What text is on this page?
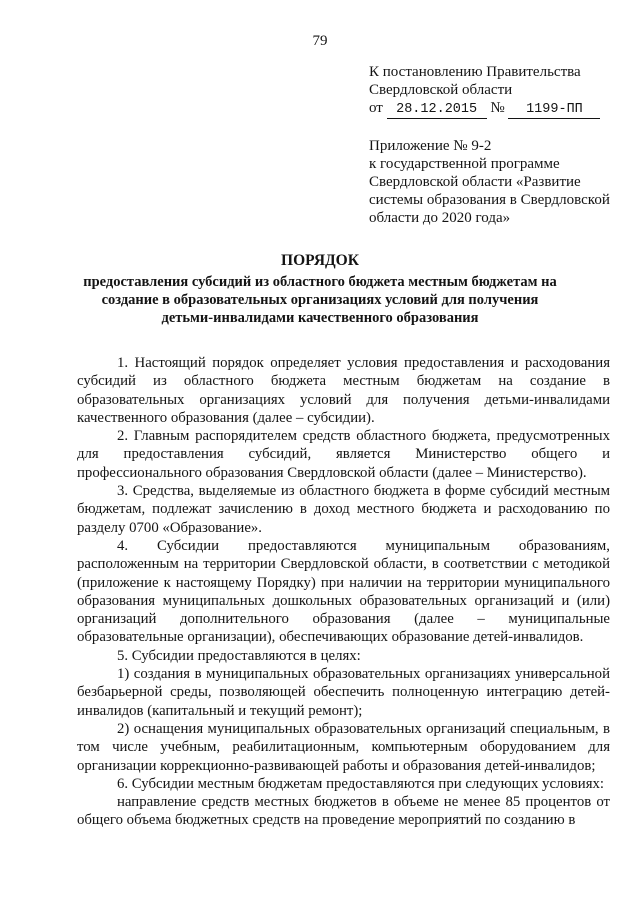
79
К постановлению Правительства
Свердловской области
от 28.12.2015 № 1199-ПП
Приложение № 9-2
к государственной программе
Свердловской области «Развитие
системы образования в Свердловской
области до 2020 года»
ПОРЯДОК
предоставления субсидий из областного бюджета местным бюджетам на создание в образовательных организациях условий для получения детьми-инвалидами качественного образования

1. Настоящий порядок определяет условия предоставления и расходования субсидий из областного бюджета местным бюджетам на создание в образовательных организациях условий для получения детьми-инвалидами качественного образования (далее – субсидии).

2. Главным распорядителем средств областного бюджета, предусмотренных для предоставления субсидий, является Министерство общего и профессионального образования Свердловской области (далее – Министерство).

3. Средства, выделяемые из областного бюджета в форме субсидий местным бюджетам, подлежат зачислению в доход местного бюджета и расходованию по разделу 0700 «Образование».

4. Субсидии предоставляются муниципальным образованиям, расположенным на территории Свердловской области, в соответствии с методикой (приложение к настоящему Порядку) при наличии на территории муниципального образования муниципальных дошкольных образовательных организаций и (или) организаций дополнительного образования (далее – муниципальные образовательные организации), обеспечивающих образование детей-инвалидов.

5. Субсидии предоставляются в целях:

1) создания в муниципальных образовательных организациях универсальной безбарьерной среды, позволяющей обеспечить полноценную интеграцию детей-инвалидов (капитальный и текущий ремонт);

2) оснащения муниципальных образовательных организаций специальным, в том числе учебным, реабилитационным, компьютерным оборудованием для организации коррекционно-развивающей работы и образования детей-инвалидов;

6. Субсидии местным бюджетам предоставляются при следующих условиях:

направление средств местных бюджетов в объеме не менее 85 процентов от общего объема бюджетных средств на проведение мероприятий по созданию в
